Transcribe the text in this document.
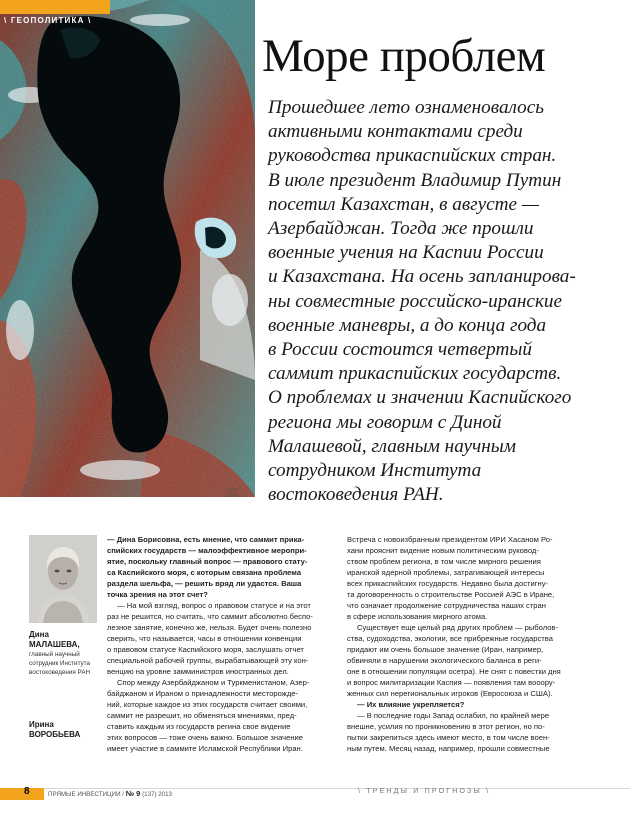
\ ГЕОПОЛИТИКА \
EAST NEWS
Море проблем

Прошедшее лето ознаменовалось

активными контактами среди

руководства прикаспийских стран.

В июле президент Владимир Путин

посетил Казахстан, в августе —

Азербайджан. Тогда же прошли

военные учения на Каспии России

и Казахстана. На осень запланирова-

ны совместные российско-иранские

военные маневры, а до конца года

в России состоится четвертый

саммит прикаспийских государств.

О проблемах и значении Каспийского

региона мы говорим с Диной

Малашевой, главным научным

сотрудником Института

востоковедения РАН.

Дина
МАЛАШЕВА,
главный научный
сотрудник Института
востоковедения РАН
Ирина
ВОРОБЬЕВА

— Дина Борисовна, есть мнение, что саммит прика-

спийских государств — малоэффективное меропри-

ятие, поскольку главный вопрос — правового стату-

са Каспийского моря, с которым связана проблема

раздела шельфа, — решить вряд ли удастся. Ваша

точка зрения на этот счет?

— На мой взгляд, вопрос о правовом статусе и на этот

раз не решится, но считать, что саммит абсолютно беспо-

лезное занятие, конечно же, нельзя. Будет очень полезно

сверить, что называется, часы в отношении конвенции

о правовом статусе Каспийского моря, заслушать отчет

специальной рабочей группы, вырабатывающей эту кон-

венцию на уровне замминистров иностранных дел.

Спор между Азербайджаном и Туркменистаном, Азер-

байджаном и Ираном о принадлежности месторожде-

ний, которые каждое из этих государств считает своими,

саммит не разрешит, но обменяться мнениями, пред-

ставить каждым из государств регина свое видение

этих вопросов — тоже очень важно. Большое значение

имеет участие в саммите Исламской Республики Иран.

Встреча с новоизбранным президентом ИРИ Хасаном Ро-

хани прояснит видение новым политическим руковод-

ством проблем региона, в том числе мирного решения

иранской ядерной проблемы, затрагивающей интересы

всех прикаспийских государств. Недавно была достигну-

та договоренность о строительстве Россией АЭС в Иране,

что означает продолжение сотрудничества наших стран

в сфере использования мирного атома.

Существует еще целый ряд других проблем — рыболов-

ства, судоходства, экологии, все прибрежные государства

придают им очень большое значение (Иран, например,

обвиняли в нарушении экологического баланса в реги-

оне в отношении популяции осетра). Не снят с повестки дня

и вопрос милитаризации Каспия — появления там вооору-

женных сил нерегиональных игроков (Евросоюза и США).

— Их влияние укрепляется?

— В последние годы Запад ослабил, по крайней мере

внешне, усилия по проникновению в этот регион, но по-

пытки закрепиться здесь имеют место, в том числе воен-

ным путем. Месяц назад, например, прошли совместные

8	ПРЯМЫЕ ИНВЕСТИЦИИ / № 9 (137) 2013	\ ТРЕНДЫ И ПРОГНОЗЫ \
